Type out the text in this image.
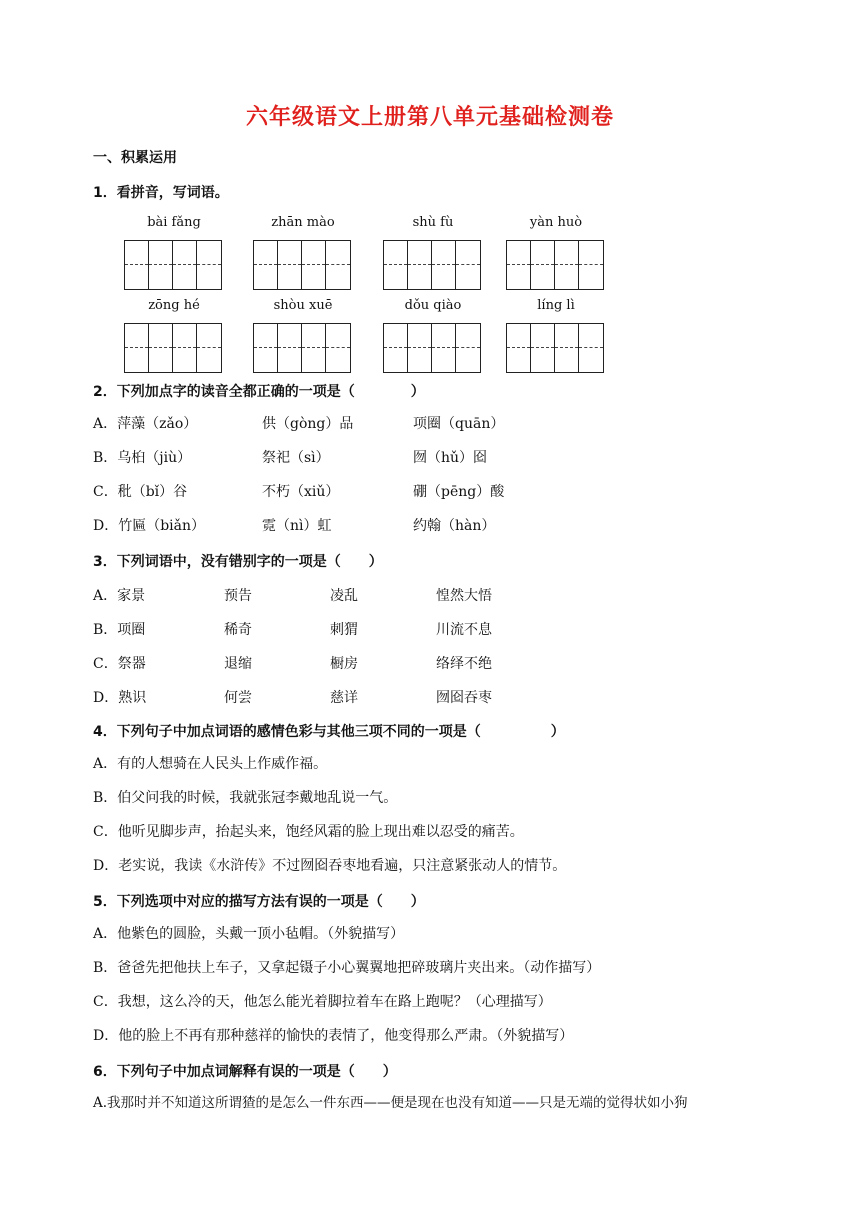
六年级语文上册第八单元基础检测卷
一、积累运用
1．看拼音，写词语。
bài fǎng	zhān mào	shù fù	yàn huò
zōng hé	shòu xuē	dǒu qiào	líng lì
2．下列加点字的读音全都正确的一项是（　　　　）
A．萍藻（zǎo）	供（gòng）品	项圈（quān）
B．乌桕（jiù）	祭祀（sì）	囫（hǔ）囵
C．秕（bǐ）谷	不朽（xiǔ）	硼（pēng）酸
D．竹匾（biǎn）	霓（nì）虹	约翰（hàn）
3．下列词语中，没有错别字的一项是（　　）
A．家景	预告	凌乱	惶然大悟
B．项圈	稀奇	刺猬	川流不息
C．祭器	退缩	橱房	络绎不绝
D．熟识	何尝	慈详	囫囵吞枣
4．下列句子中加点词语的感情色彩与其他三项不同的一项是（　　　　　）
A．有的人想骑在人民头上作威作福。
B．伯父问我的时候，我就张冠李戴地乱说一气。
C．他听见脚步声，抬起头来，饱经风霜的脸上现出难以忍受的痛苦。
D．老实说，我读《水浒传》不过囫囵吞枣地看遍，只注意紧张动人的情节。
5．下列选项中对应的描写方法有误的一项是（　　）
A．他紫色的圆脸，头戴一顶小毡帽。（外貌描写）
B．爸爸先把他扶上车子，又拿起镊子小心翼翼地把碎玻璃片夹出来。（动作描写）
C．我想，这么冷的天，他怎么能光着脚拉着车在路上跑呢？（心理描写）
D．他的脸上不再有那种慈祥的愉快的表情了，他变得那么严肃。（外貌描写）
6．下列句子中加点词解释有误的一项是（　　）
A.我那时并不知道这所谓猹的是怎么一件东西——便是现在也没有知道——只是无端的觉得状如小狗
